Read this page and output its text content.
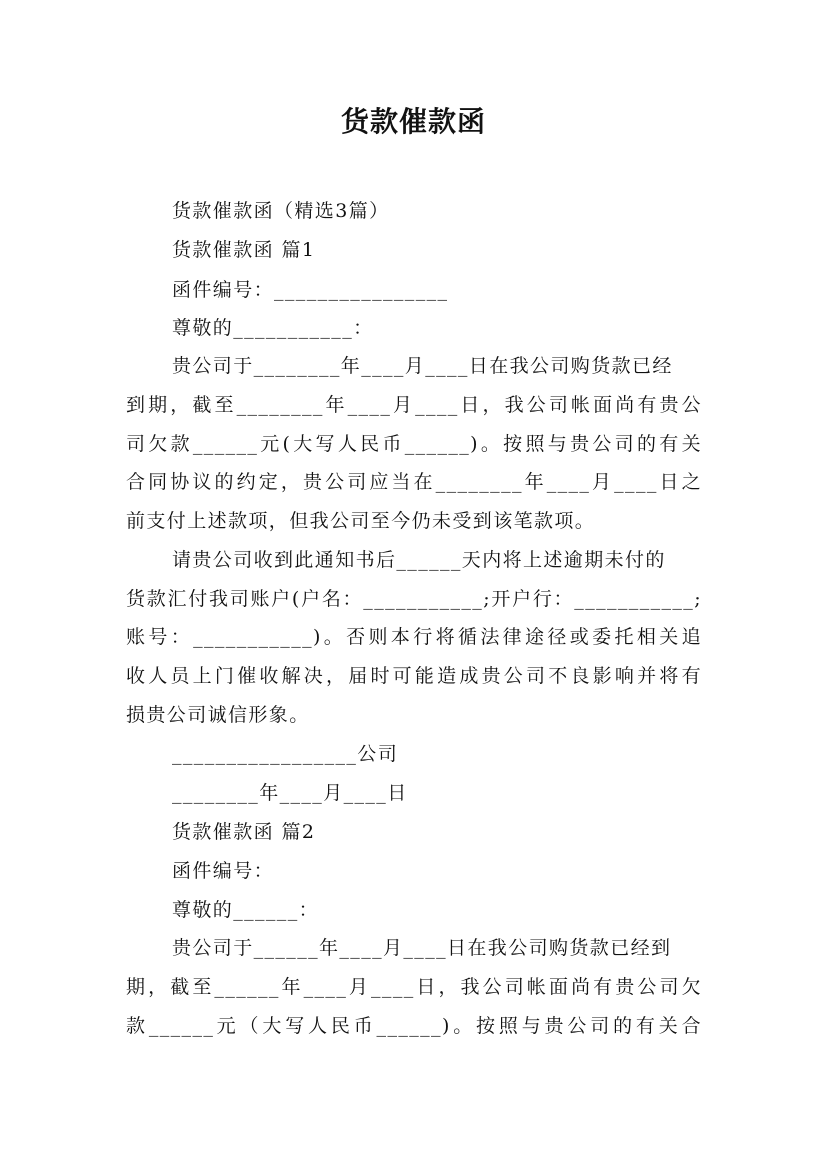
货款催款函
货款催款函（精选3篇）
货款催款函 篇1
函件编号：________________
尊敬的___________：
贵公司于________年____月____日在我公司购货款已经
到期，截至________年____月____日，我公司帐面尚有贵公
司欠款______元(大写人民币______)。按照与贵公司的有关
合同协议的约定，贵公司应当在________年____月____日之
前支付上述款项，但我公司至今仍未受到该笔款项。
请贵公司收到此通知书后______天内将上述逾期未付的
货款汇付我司账户(户名：___________;开户行：___________;
账号：___________)。否则本行将循法律途径或委托相关追
收人员上门催收解决，届时可能造成贵公司不良影响并将有
损贵公司诚信形象。
_________________公司
________年____月____日
货款催款函 篇2
函件编号：
尊敬的______：
贵公司于______年____月____日在我公司购货款已经到
期，截至______年____月____日，我公司帐面尚有贵公司欠
款______元（大写人民币______)。按照与贵公司的有关合
